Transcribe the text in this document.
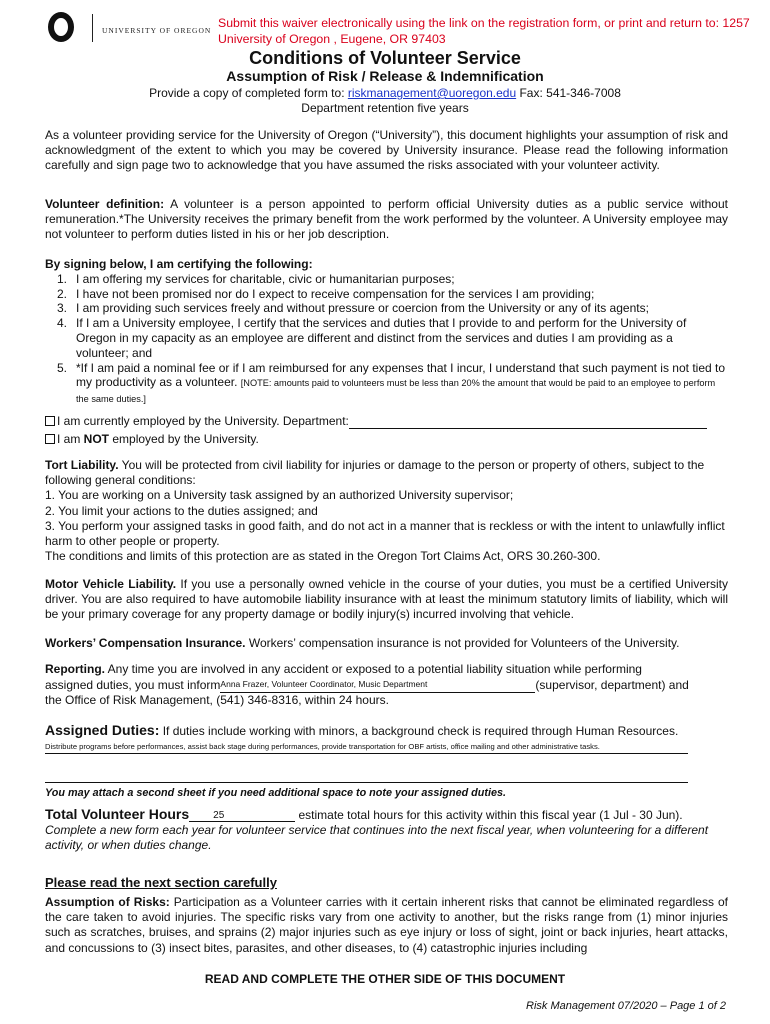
UNIVERSITY OF OREGON
Submit this waiver electronically using the link on the registration form, or print and return to: 1257 University of Oregon , Eugene, OR 97403
Conditions of Volunteer Service
Assumption of Risk / Release & Indemnification
Provide a copy of completed form to: riskmanagement@uoregon.edu Fax: 541-346-7008
Department retention five years
As a volunteer providing service for the University of Oregon (“University”), this document highlights your assumption of risk and acknowledgment of the extent to which you may be covered by University insurance. Please read the following information carefully and sign page two to acknowledge that you have assumed the risks associated with your volunteer activity.
Volunteer definition: A volunteer is a person appointed to perform official University duties as a public service without remuneration.*The University receives the primary benefit from the work performed by the volunteer. A University employee may not volunteer to perform duties listed in his or her job description.
By signing below, I am certifying the following:
1. I am offering my services for charitable, civic or humanitarian purposes;
2. I have not been promised nor do I expect to receive compensation for the services I am providing;
3. I am providing such services freely and without pressure or coercion from the University or any of its agents;
4. If I am a University employee, I certify that the services and duties that I provide to and perform for the University of Oregon in my capacity as an employee are different and distinct from the services and duties I am providing as a volunteer; and
5. *If I am paid a nominal fee or if I am reimbursed for any expenses that I incur, I understand that such payment is not tied to my productivity as a volunteer. [NOTE: amounts paid to volunteers must be less than 20% the amount that would be paid to an employee to perform the same duties.]
I am currently employed by the University. Department:
I am NOT employed by the University.
Tort Liability. You will be protected from civil liability for injuries or damage to the person or property of others, subject to the following general conditions:
1. You are working on a University task assigned by an authorized University supervisor;
2. You limit your actions to the duties assigned; and
3. You perform your assigned tasks in good faith, and do not act in a manner that is reckless or with the intent to unlawfully inflict harm to other people or property.
The conditions and limits of this protection are as stated in the Oregon Tort Claims Act, ORS 30.260-300.
Motor Vehicle Liability. If you use a personally owned vehicle in the course of your duties, you must be a certified University driver. You are also required to have automobile liability insurance with at least the minimum statutory limits of liability, which will be your primary coverage for any property damage or bodily injury(s) incurred involving that vehicle.
Workers’ Compensation Insurance. Workers’ compensation insurance is not provided for Volunteers of the University.
Reporting. Any time you are involved in any accident or exposed to a potential liability situation while performing
assigned duties, you must informAnna Frazer, Volunteer Coordinator, Music Department	(supervisor, department) and
the Office of Risk Management, (541) 346-8316, within 24 hours.
Assigned Duties: If duties include working with minors, a background check is required through Human Resources.
Distribute programs before performances, assist back stage during performances, provide transportation for OBF artists, office mailing and other administrative tasks.
You may attach a second sheet if you need additional space to note your assigned duties.
Total Volunteer Hours 25	estimate total hours for this activity within this fiscal year (1 Jul - 30 Jun).
Complete a new form each year for volunteer service that continues into the next fiscal year, when volunteering for a different activity, or when duties change.
Please read the next section carefully
Assumption of Risks: Participation as a Volunteer carries with it certain inherent risks that cannot be eliminated regardless of the care taken to avoid injuries. The specific risks vary from one activity to another, but the risks range from (1) minor injuries such as scratches, bruises, and sprains (2) major injuries such as eye injury or loss of sight, joint or back injuries, heart attacks, and concussions to (3) insect bites, parasites, and other diseases, to (4) catastrophic injuries including
READ AND COMPLETE THE OTHER SIDE OF THIS DOCUMENT
Risk Management 07/2020 – Page 1 of 2
